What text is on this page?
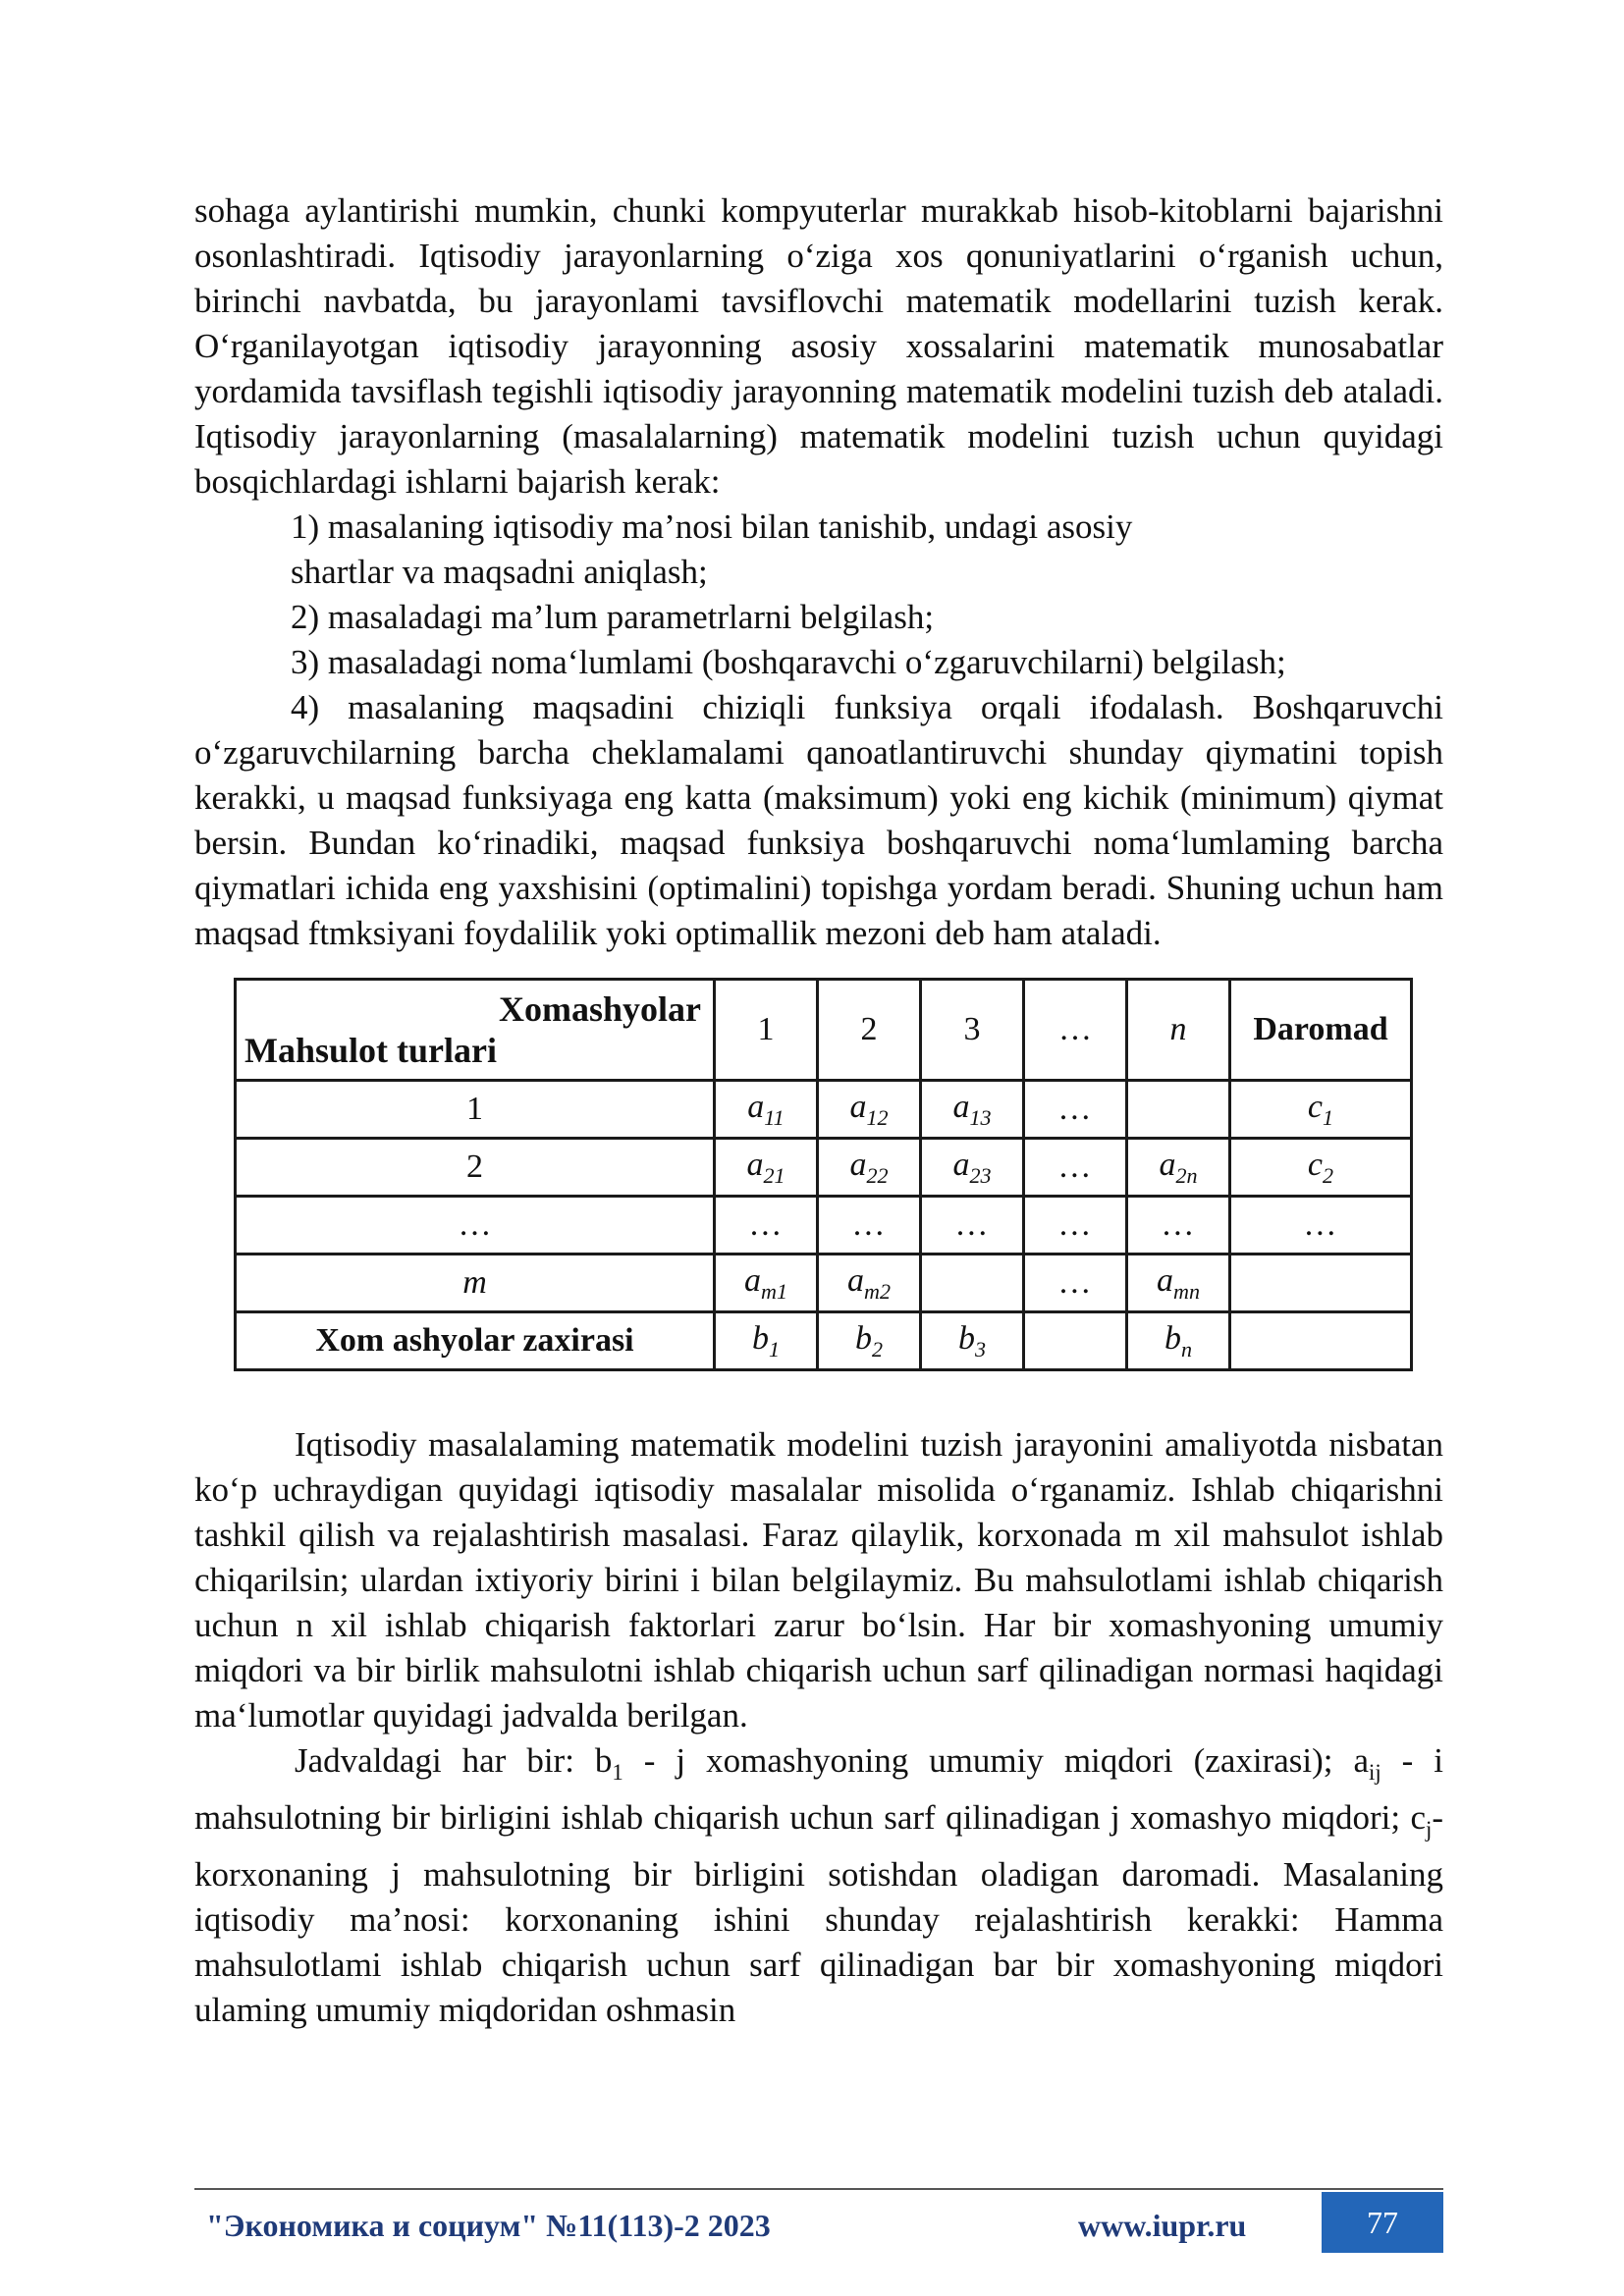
sohaga aylantirishi mumkin, chunki kompyuterlar murakkab hisob-kitoblarni bajarishni osonlashtiradi. Iqtisodiy jarayonlarning o‘ziga xos qonuniyatlarini o‘rganish uchun, birinchi navbatda, bu jarayonlami tavsiflovchi matematik modellarini tuzish kerak. O‘rganilayotgan iqtisodiy jarayonning asosiy xossalarini matematik munosabatlar yordamida tavsiflash tegishli iqtisodiy jarayonning matematik modelini tuzish deb ataladi. Iqtisodiy jarayonlarning (masalalarning) matematik modelini tuzish uchun quyidagi bosqichlardagi ishlarni bajarish kerak:

1) masalaning iqtisodiy ma’nosi bilan tanishib, undagi asosiy

shartlar va maqsadni aniqlash;

2) masaladagi ma’lum parametrlarni belgilash;

3) masaladagi noma‘lumlami (boshqaravchi o‘zgaruvchilarni) belgilash;

4) masalaning maqsadini chiziqli funksiya orqali ifodalash. Boshqaruvchi o‘zgaruvchilarning barcha cheklamalami qanoatlantiruvchi shunday qiymatini topish kerakki, u maqsad funksiyaga eng katta (maksimum) yoki eng kichik (minimum) qiymat bersin. Bundan ko‘rinadiki, maqsad funksiya boshqaruvchi noma‘lumlaming barcha qiymatlari ichida eng yaxshisini (optimalini) topishga yordam beradi. Shuning uchun ham maqsad ftmksiyani foydalilik yoki optimallik mezoni deb ham ataladi.

Xomashyolar
Mahsulot turlari	1	2	3	…	n	Daromad
1	$a_{11}$	$a_{12}$	$a_{13}$	…		$c_1$
2	$a_{21}$	$a_{22}$	$a_{23}$	…	$a_{2n}$	$c_2$
…	…	…	…	…	…	…
m	$a_{m1}$	$a_{m2}$		…	$a_{mn}$	
Xom ashyolar zaxirasi	$b_1$	$b_2$	$b_3$		$b_n$	

Iqtisodiy masalalaming matematik modelini tuzish jarayonini amaliyotda nisbatan ko‘p uchraydigan quyidagi iqtisodiy masalalar misolida o‘rganamiz. Ishlab chiqarishni tashkil qilish va rejalashtirish masalasi. Faraz qilaylik, korxonada m xil mahsulot ishlab chiqarilsin; ulardan ixtiyoriy birini i bilan belgilaymiz. Bu mahsulotlami ishlab chiqarish uchun n xil ishlab chiqarish faktorlari zarur bo‘lsin. Har bir xomashyoning umumiy miqdori va bir birlik mahsulotni ishlab chiqarish uchun sarf qilinadigan normasi haqidagi ma‘lumotlar quyidagi jadvalda berilgan.

Jadvaldagi har bir: $b_1$ - j xomashyoning umumiy miqdori (zaxirasi); $a_{ij}$ - i mahsulotning bir birligini ishlab chiqarish uchun sarf qilinadigan j xomashyo miqdori; $c_j$-korxonaning j mahsulotning bir birligini sotishdan oladigan daromadi. Masalaning iqtisodiy ma’nosi: korxonaning ishini shunday rejalashtirish kerakki: Hamma mahsulotlami ishlab chiqarish uchun sarf qilinadigan bar bir xomashyoning miqdori ulaming umumiy miqdoridan oshmasin

"Экономика и социум" №11(113)-2 2023	www.iupr.ru	77
